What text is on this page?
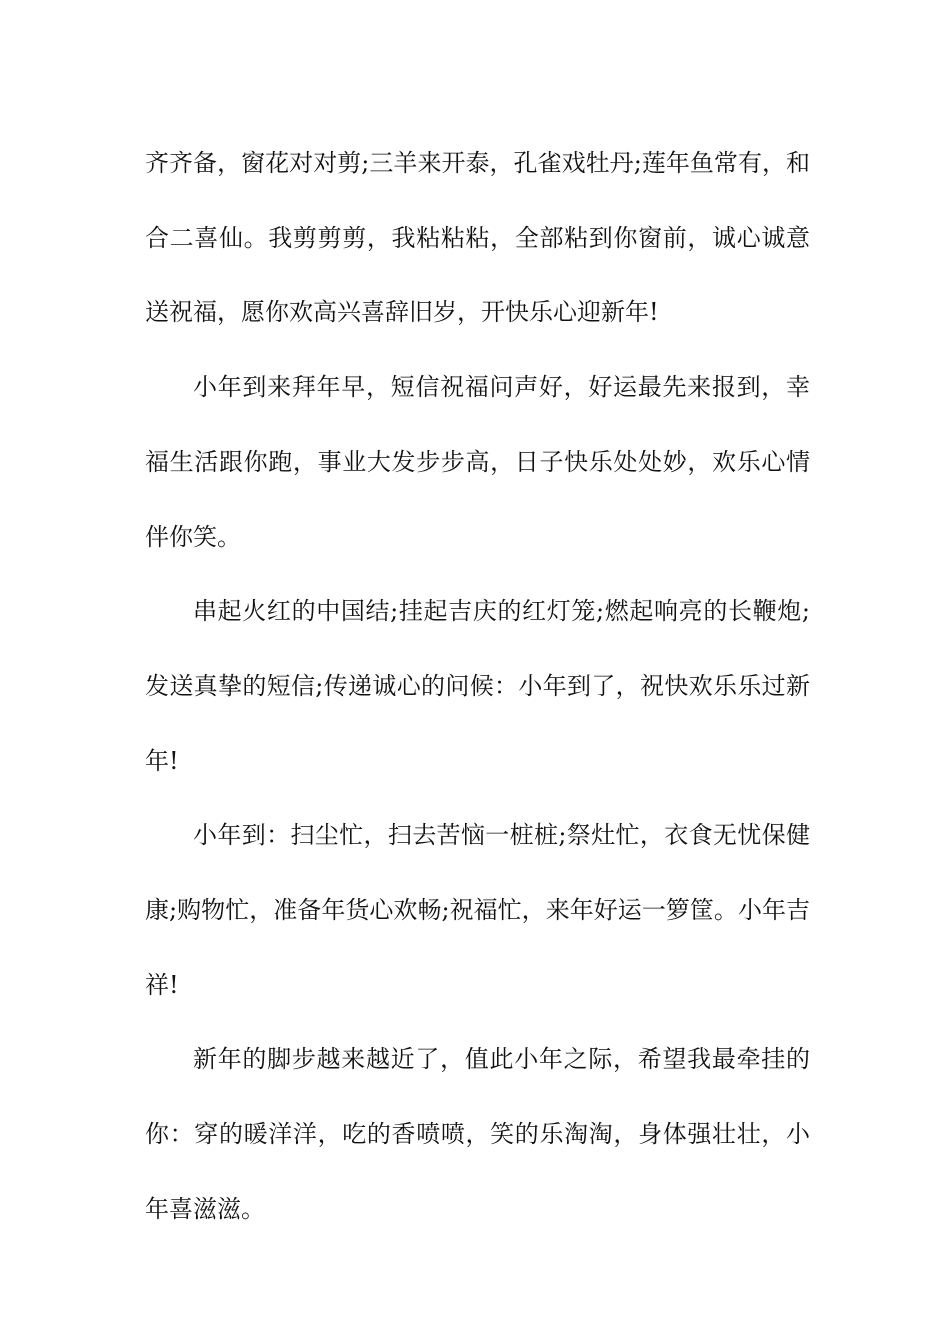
齐齐备，窗花对对剪;三羊来开泰，孔雀戏牡丹;莲年鱼常有，和合二喜仙。我剪剪剪，我粘粘粘，全部粘到你窗前，诚心诚意送祝福，愿你欢高兴喜辞旧岁，开快乐心迎新年!

小年到来拜年早，短信祝福问声好，好运最先来报到，幸福生活跟你跑，事业大发步步高，日子快乐处处妙，欢乐心情伴你笑。

串起火红的中国结;挂起吉庆的红灯笼;燃起响亮的长鞭炮;发送真挚的短信;传递诚心的问候：小年到了，祝快欢乐乐过新年!

小年到：扫尘忙，扫去苦恼一桩桩;祭灶忙，衣食无忧保健康;购物忙，准备年货心欢畅;祝福忙，来年好运一箩筐。小年吉祥!

新年的脚步越来越近了，值此小年之际，希望我最牵挂的你：穿的暖洋洋，吃的香喷喷，笑的乐淘淘，身体强壮壮，小年喜滋滋。
